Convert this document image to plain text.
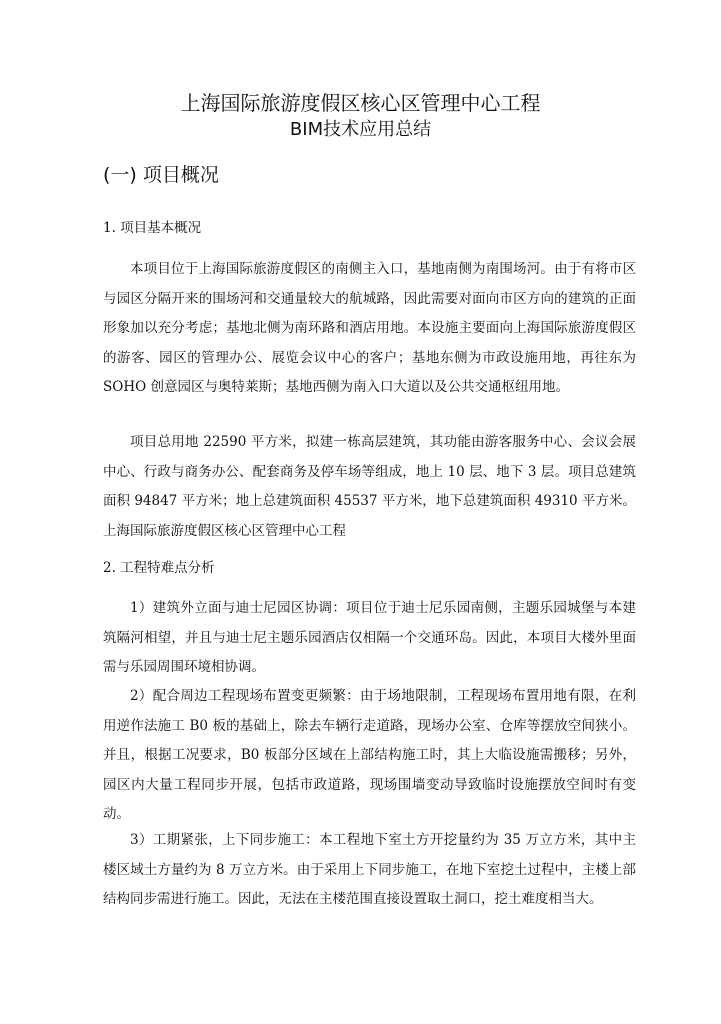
上海国际旅游度假区核心区管理中心工程
BIM技术应用总结
(一) 项目概况
1. 项目基本概况

本项目位于上海国际旅游度假区的南侧主入口，基地南侧为南围场河。由于有将市区与园区分隔开来的围场河和交通量较大的航城路，因此需要对面向市区方向的建筑的正面形象加以充分考虑；基地北侧为南环路和酒店用地。本设施主要面向上海国际旅游度假区的游客、园区的管理办公、展览会议中心的客户；基地东侧为市政设施用地，再往东为 SOHO 创意园区与奥特莱斯；基地西侧为南入口大道以及公共交通枢纽用地。

项目总用地 22590 平方米，拟建一栋高层建筑，其功能由游客服务中心、会议会展中心、行政与商务办公、配套商务及停车场等组成，地上 10 层、地下 3 层。项目总建筑面积 94847 平方米；地上总建筑面积 45537 平方米，地下总建筑面积 49310 平方米。上海国际旅游度假区核心区管理中心工程

2. 工程特难点分析

1）建筑外立面与迪士尼园区协调：项目位于迪士尼乐园南侧，主题乐园城堡与本建筑隔河相望，并且与迪士尼主题乐园酒店仅相隔一个交通环岛。因此，本项目大楼外里面需与乐园周围环境相协调。

2）配合周边工程现场布置变更频繁：由于场地限制，工程现场布置用地有限，在利用逆作法施工 B0 板的基础上，除去车辆行走道路，现场办公室、仓库等摆放空间狭小。并且，根据工况要求，B0 板部分区域在上部结构施工时，其上大临设施需搬移；另外，园区内大量工程同步开展，包括市政道路，现场围墙变动导致临时设施摆放空间时有变动。

3）工期紧张，上下同步施工：本工程地下室土方开挖量约为 35 万立方米，其中主楼区域土方量约为 8 万立方米。由于采用上下同步施工，在地下室挖土过程中，主楼上部结构同步需进行施工。因此，无法在主楼范围直接设置取土洞口，挖土难度相当大。
